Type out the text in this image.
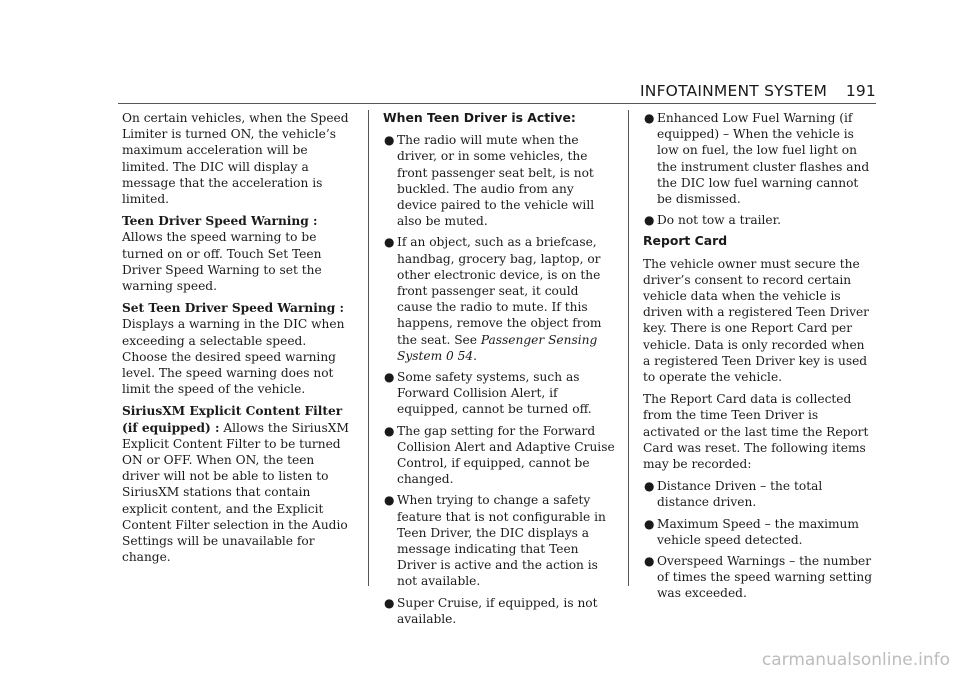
INFOTAINMENT SYSTEM 191

On certain vehicles, when the Speed Limiter is turned ON, the vehicle’s maximum acceleration will be limited. The DIC will display a message that the acceleration is limited.

Teen Driver Speed Warning : Allows the speed warning to be turned on or off. Touch Set Teen Driver Speed Warning to set the warning speed.

Set Teen Driver Speed Warning : Displays a warning in the DIC when exceeding a selectable speed. Choose the desired speed warning level. The speed warning does not limit the speed of the vehicle.

SiriusXM Explicit Content Filter (if equipped) : Allows the SiriusXM Explicit Content Filter to be turned ON or OFF. When ON, the teen driver will not be able to listen to SiriusXM stations that contain explicit content, and the Explicit Content Filter selection in the Audio Settings will be unavailable for change.

When Teen Driver is Active:
● The radio will mute when the driver, or in some vehicles, the front passenger seat belt, is not buckled. The audio from any device paired to the vehicle will also be muted.
● If an object, such as a briefcase, handbag, grocery bag, laptop, or other electronic device, is on the front passenger seat, it could cause the radio to mute. If this happens, remove the object from the seat. See Passenger Sensing System 0 54.
● Some safety systems, such as Forward Collision Alert, if equipped, cannot be turned off.
● The gap setting for the Forward Collision Alert and Adaptive Cruise Control, if equipped, cannot be changed.
● When trying to change a safety feature that is not configurable in Teen Driver, the DIC displays a message indicating that Teen Driver is active and the action is not available.
● Super Cruise, if equipped, is not available.
● Enhanced Low Fuel Warning (if equipped) – When the vehicle is low on fuel, the low fuel light on the instrument cluster flashes and the DIC low fuel warning cannot be dismissed.
● Do not tow a trailer.
Report Card

The vehicle owner must secure the driver’s consent to record certain vehicle data when the vehicle is driven with a registered Teen Driver key. There is one Report Card per vehicle. Data is only recorded when a registered Teen Driver key is used to operate the vehicle.

The Report Card data is collected from the time Teen Driver is activated or the last time the Report Card was reset. The following items may be recorded:

● Distance Driven – the total distance driven.
● Maximum Speed – the maximum vehicle speed detected.
● Overspeed Warnings – the number of times the speed warning setting was exceeded.
carmanualsonline.info
